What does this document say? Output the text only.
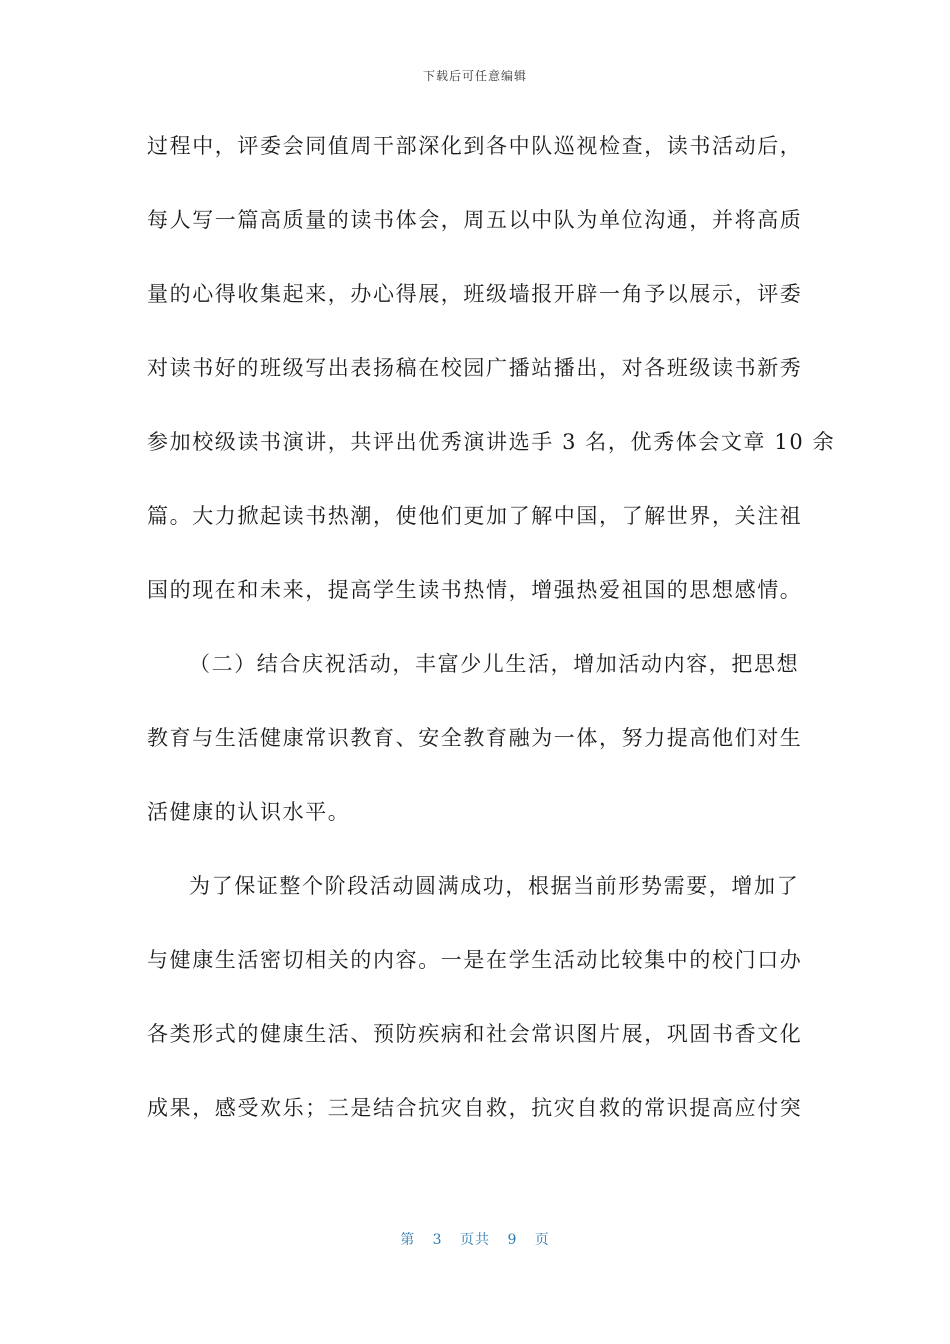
下载后可任意编辑
过程中，评委会同值周干部深化到各中队巡视检查，读书活动后，
每人写一篇高质量的读书体会，周五以中队为单位沟通，并将高质
量的心得收集起来，办心得展，班级墙报开辟一角予以展示，评委
对读书好的班级写出表扬稿在校园广播站播出，对各班级读书新秀
参加校级读书演讲，共评出优秀演讲选手 3 名，优秀体会文章 10 余
篇。大力掀起读书热潮，使他们更加了解中国，了解世界，关注祖
国的现在和未来，提高学生读书热情，增强热爱祖国的思想感情。
（二）结合庆祝活动，丰富少儿生活，增加活动内容，把思想
教育与生活健康常识教育、安全教育融为一体，努力提高他们对生
活健康的认识水平。
为了保证整个阶段活动圆满成功，根据当前形势需要，增加了
与健康生活密切相关的内容。一是在学生活动比较集中的校门口办
各类形式的健康生活、预防疾病和社会常识图片展，巩固书香文化
成果，感受欢乐；三是结合抗灾自救，抗灾自救的常识提高应付突
第 3 页共 9 页
